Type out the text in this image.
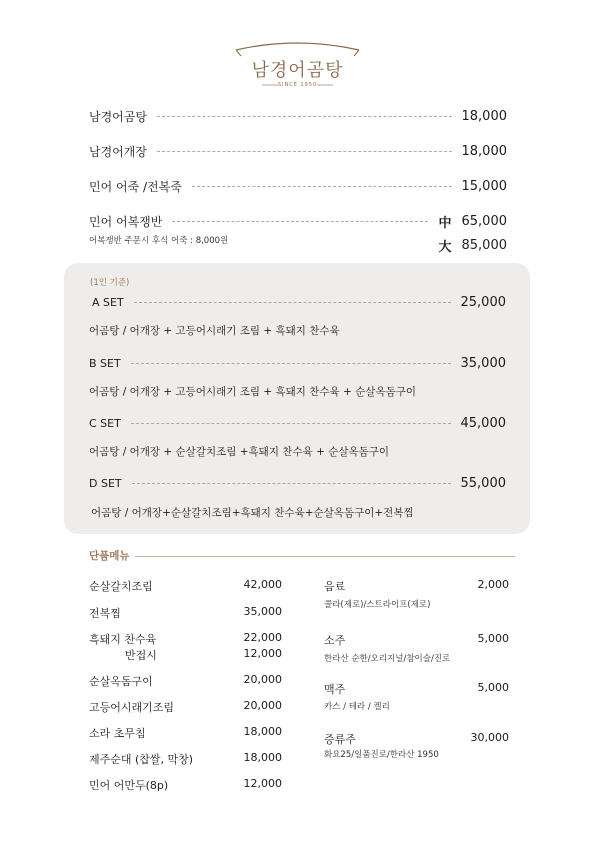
남경어곰탕
SINCE 1950
남경어곰탕	18,000
남경어개장	18,000
민어 어죽 /전복죽	15,000
민어 어복쟁반	中 65,000
어복쟁반 주문시 후식 어죽 : 8,000원	大 85,000
(1인 기준)
A SET	25,000
어곰탕 / 어개장 + 고등어시래기 조림 + 흑돼지 찬수육
B SET	35,000
어곰탕 / 어개장 + 고등어시래기 조림 + 흑돼지 찬수육 + 순살옥돔구이
C SET	45,000
어곰탕 / 어개장 + 순살갈치조림 +흑돼지 찬수육 + 순살옥돔구이
D SET	55,000
어곰탕 / 어개장+순살갈치조림+흑돼지 찬수육+순살옥돔구이+전복찜
단품메뉴
순살갈치조림	42,000
전복찜	35,000
흑돼지 찬수육	22,000
반접시	12,000
순살옥돔구이	20,000
고등어시래기조림	20,000
소라 초무침	18,000
제주순대 (찹쌀, 막창)	18,000
민어 어만두(8p)	12,000
음료	2,000
콜라(제로)/스트라이프(제로)
소주	5,000
한라산 순한/오리지널/참이슬/진로
맥주	5,000
카스 / 테라 / 켈리
증류주	30,000
화요25/일품진로/한라산 1950
